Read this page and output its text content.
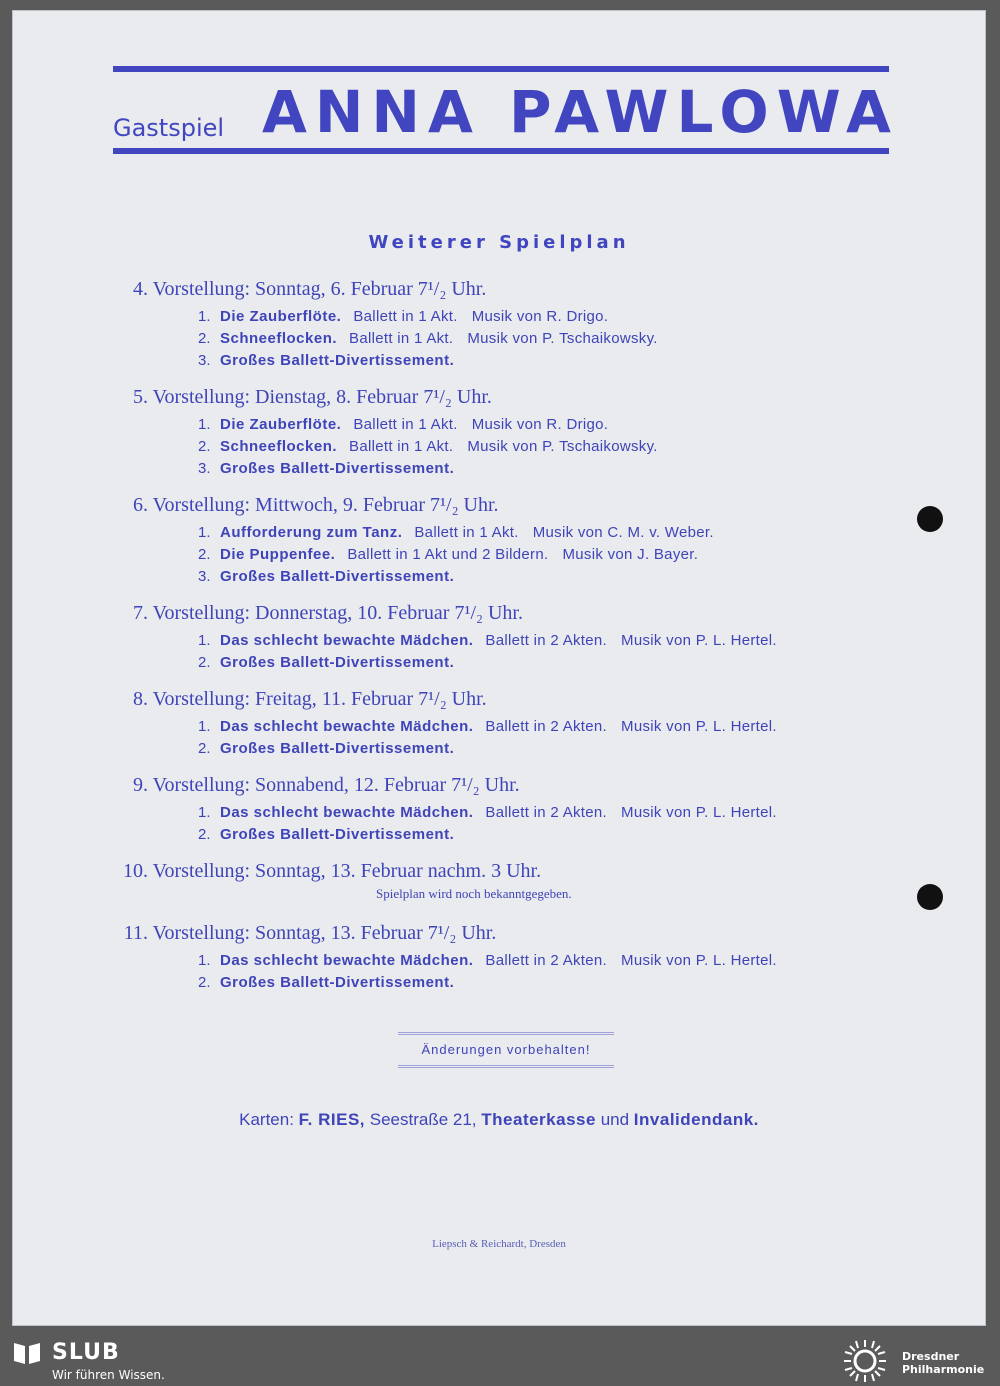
Gastspiel ANNA PAWLOWA
Weiterer Spielplan
4. Vorstellung: Sonntag, 6. Februar 7¹/₂ Uhr.
1. Die Zauberflöte. Ballett in 1 Akt. Musik von R. Drigo.
2. Schneeflocken. Ballett in 1 Akt. Musik von P. Tschaikowsky.
3. Großes Ballett-Divertissement.
5. Vorstellung: Dienstag, 8. Februar 7¹/₂ Uhr.
1. Die Zauberflöte. Ballett in 1 Akt. Musik von R. Drigo.
2. Schneeflocken. Ballett in 1 Akt. Musik von P. Tschaikowsky.
3. Großes Ballett-Divertissement.
6. Vorstellung: Mittwoch, 9. Februar 7¹/₂ Uhr.
1. Aufforderung zum Tanz. Ballett in 1 Akt. Musik von C. M. v. Weber.
2. Die Puppenfee. Ballett in 1 Akt und 2 Bildern. Musik von J. Bayer.
3. Großes Ballett-Divertissement.
7. Vorstellung: Donnerstag, 10. Februar 7¹/₂ Uhr.
1. Das schlecht bewachte Mädchen. Ballett in 2 Akten. Musik von P. L. Hertel.
2. Großes Ballett-Divertissement.
8. Vorstellung: Freitag, 11. Februar 7¹/₂ Uhr.
1. Das schlecht bewachte Mädchen. Ballett in 2 Akten. Musik von P. L. Hertel.
2. Großes Ballett-Divertissement.
9. Vorstellung: Sonnabend, 12. Februar 7¹/₂ Uhr.
1. Das schlecht bewachte Mädchen. Ballett in 2 Akten. Musik von P. L. Hertel.
2. Großes Ballett-Divertissement.
10. Vorstellung: Sonntag, 13. Februar nachm. 3 Uhr.
Spielplan wird noch bekanntgegeben.
11. Vorstellung: Sonntag, 13. Februar 7¹/₂ Uhr.
1. Das schlecht bewachte Mädchen. Ballett in 2 Akten. Musik von P. L. Hertel.
2. Großes Ballett-Divertissement.
Änderungen vorbehalten!
Karten: F. RIES, Seestraße 21, Theaterkasse und Invalidendank.
Liepsch & Reichardt, Dresden
SLUB
Wir führen Wissen.
Dresdner
Philharmonie
